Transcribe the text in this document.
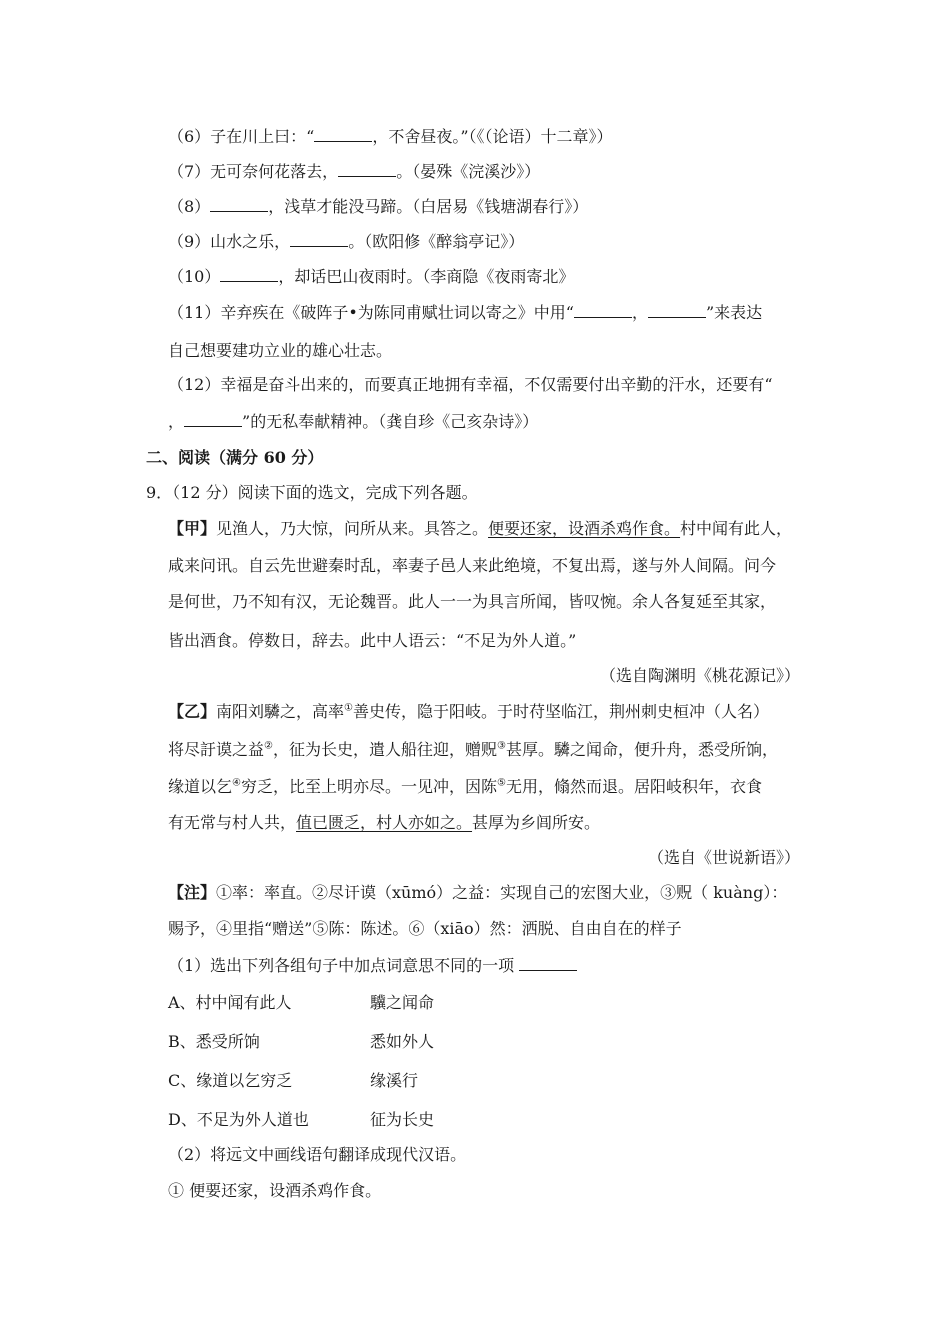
（6）子在川上曰：“	，不舍昼夜。”（《（论语）十二章》）
（7）无可奈何花落去，	。（晏殊《浣溪沙》）
（8）	，浅草才能没马蹄。（白居易《钱塘湖春行》）
（9）山水之乐，	。（欧阳修《醉翁亭记》）
（10）	，却话巴山夜雨时。（李商隐《夜雨寄北》
（11）辛弃疾在《破阵子•为陈同甫赋壮词以寄之》中用“	，	”来表达
自己想要建功立业的雄心壮志。
（12）幸福是奋斗出来的，而要真正地拥有幸福，不仅需要付出辛勤的汗水，还要有“
，	”的无私奉献精神。（龚自珍《己亥杂诗》）
二、阅读（满分 60 分）
9．（12 分）阅读下面的选文，完成下列各题。
【甲】见渔人，乃大惊，问所从来。具答之。便要还家，设酒杀鸡作食。村中闻有此人，
咸来问讯。自云先世避秦时乱，率妻子邑人来此绝境，不复出焉，遂与外人间隔。问今
是何世，乃不知有汉，无论魏晋。此人一一为具言所闻，皆叹惋。余人各复延至其家，
皆出酒食。停数日，辞去。此中人语云：“不足为外人道。”
（选自陶渊明《桃花源记》）
【乙】南阳刘驎之，高率①善史传，隐于阳岐。于时苻坚临江，荆州刺史桓冲（人名）
将尽訏谟之益②，征为长史，遣人船往迎，赠贶③甚厚。驎之闻命，便升舟，悉受所饷，
缘道以乞④穷乏，比至上明亦尽。一见冲，因陈⑤无用，翛然而退。居阳岐积年，衣食
有无常与村人共，值已匮乏，村人亦如之。甚厚为乡闾所安。
（选自《世说新语》）
【注】①率：率直。②尽讦谟（xūmó）之益：实现自己的宏图大业，③贶（ kuàng）：
赐予，④里指“赠送”⑤陈：陈述。⑥（xiāo）然：洒脱、自由自在的样子
（1）选出下列各组句子中加点词意思不同的一项
A、村中闻有此人	驥之闻命
B、悉受所饷	悉如外人
C、缘道以乞穷乏	缘溪行
D、不足为外人道也	征为长史
（2）将远文中画线语句翻译成现代汉语。
① 便要还家，设酒杀鸡作食。
